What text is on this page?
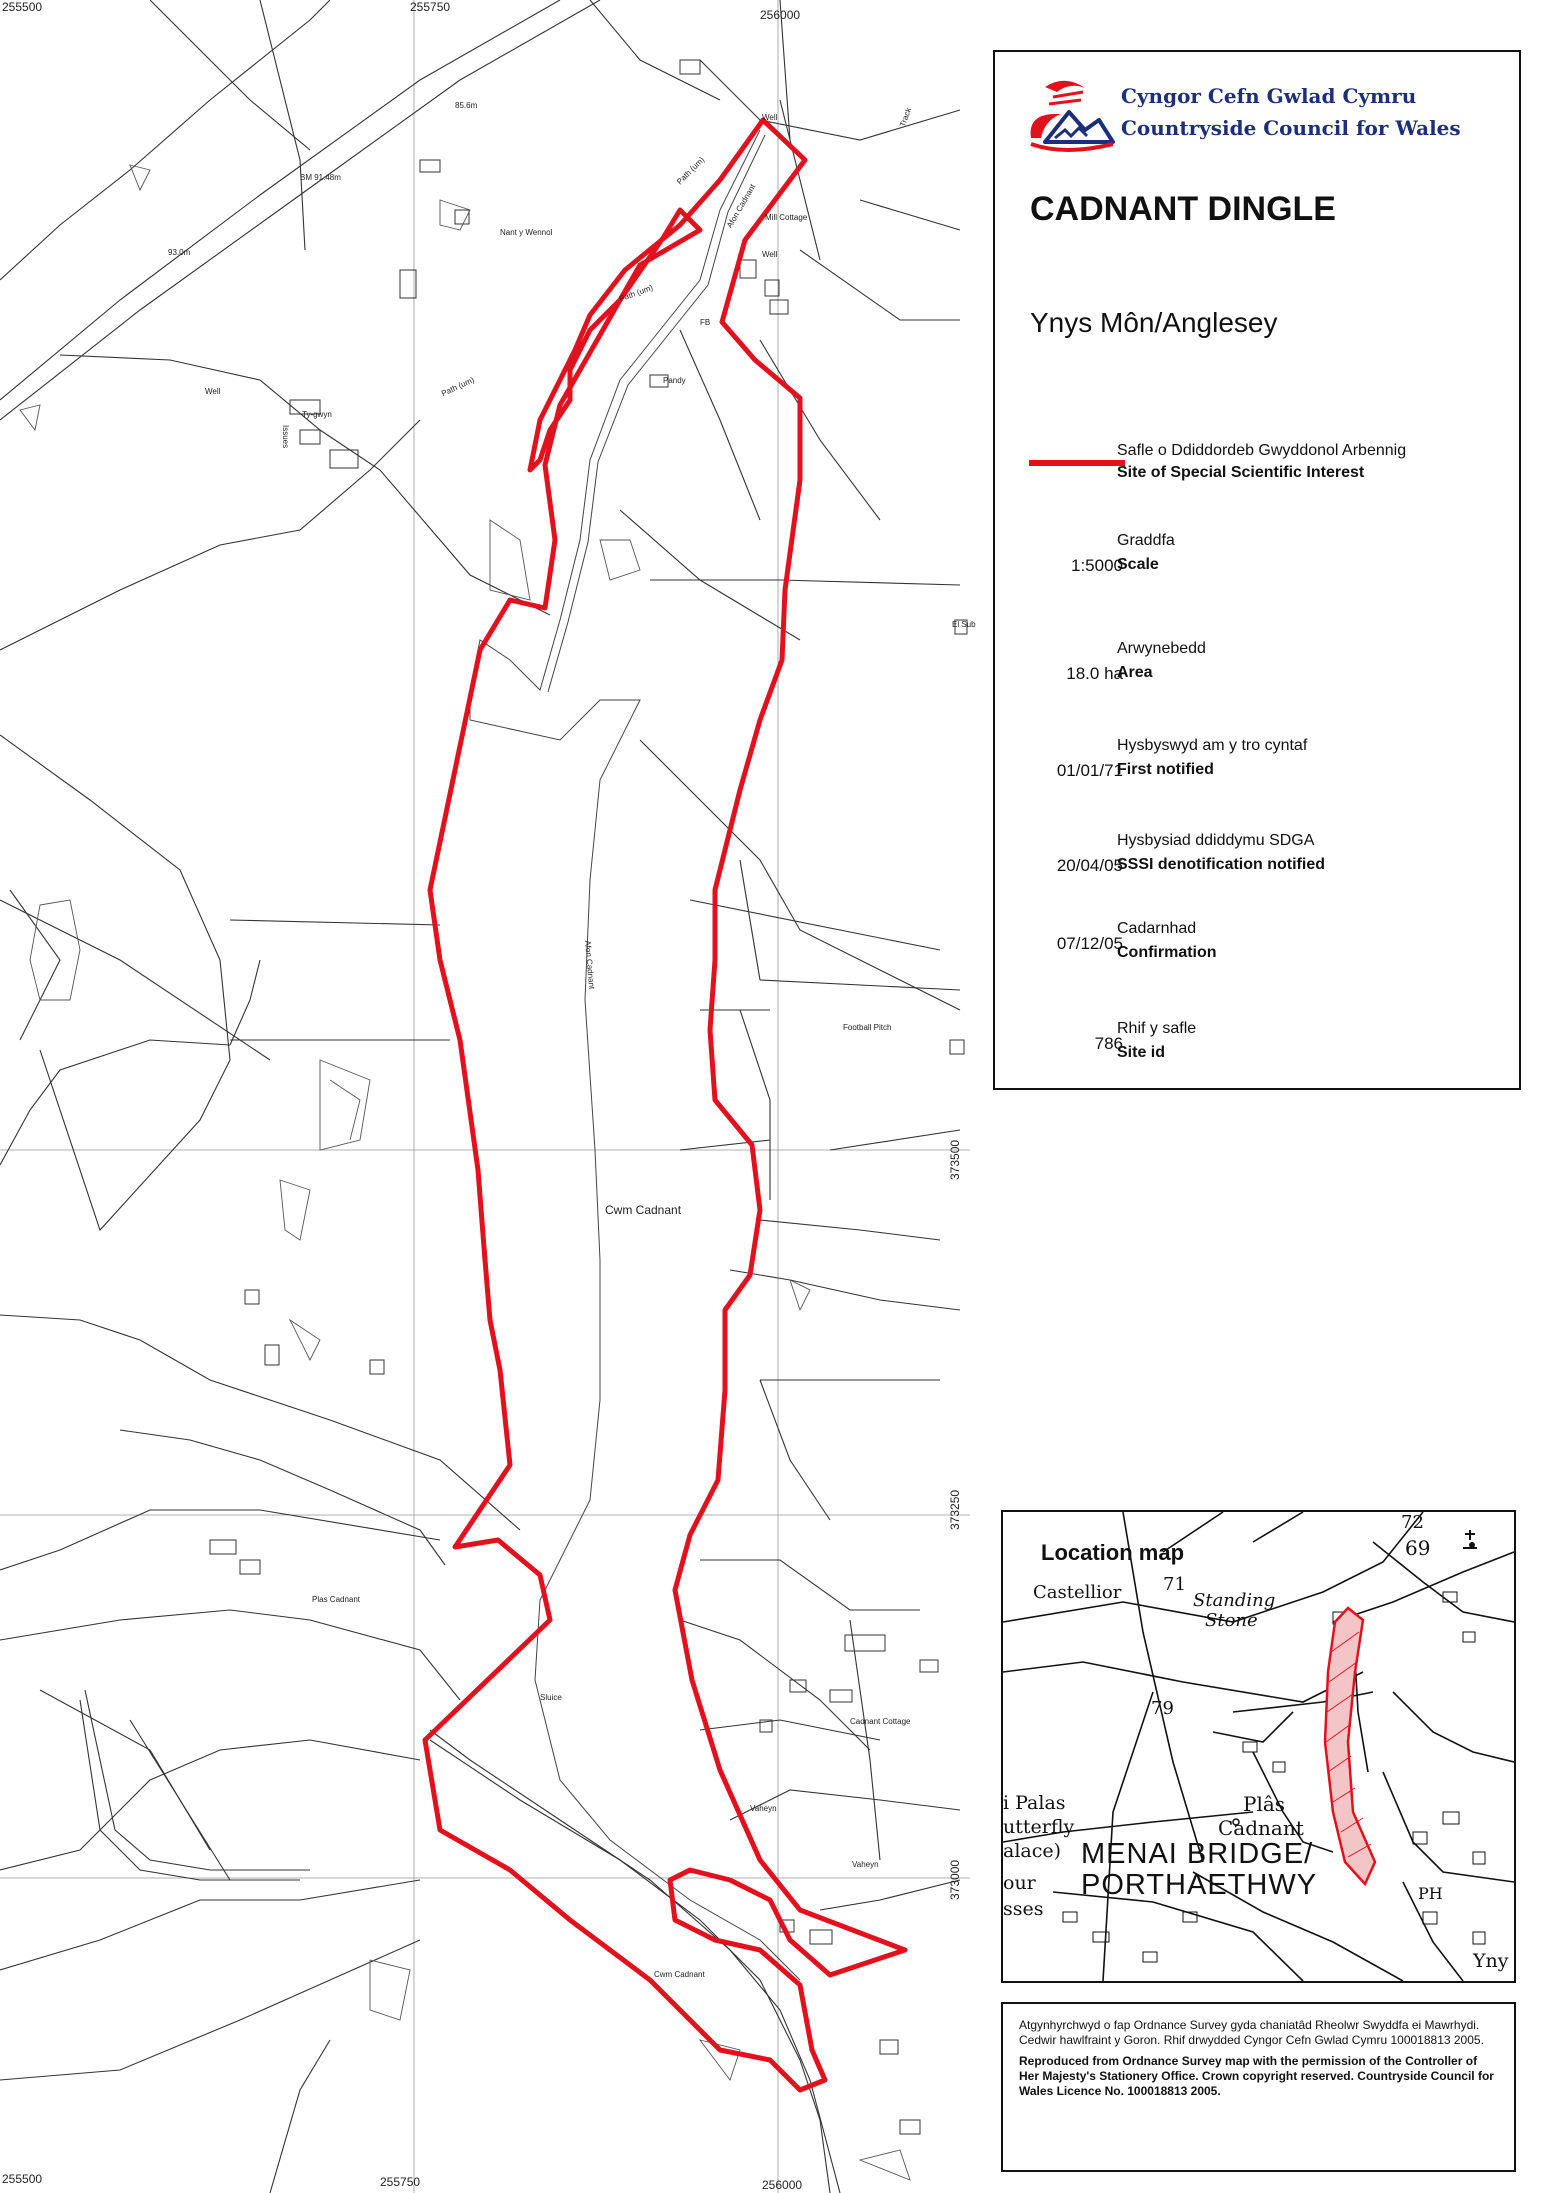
255500	255750
256000
255500	255750	256000
373500
373250
373000
Cwm Cadnant
Afon Cadnant
Afon Cadnant
Football Pitch
Plas Cadnant
Sluice
Ty-gwyn
Well
Well
Well
Path (um)
Path (um)
Path (um)
Track
BM 91.48m
93.0m
85.6m
FB
Mill Cottage
El Sub
Vaheyn
Vaheyn
Cwm Cadnant
Issues
Nant y Wennol
Pandy
Cadnant Cottage
Cyngor Cefn Gwlad Cymru
Countryside Council for Wales
CADNANT DINGLE
Ynys Môn/Anglesey
Safle o Ddiddordeb Gwyddonol Arbennig
Site of Special Scientific Interest
1:5000
Graddfa
Scale
18.0 ha
Arwynebedd
Area
01/01/71
Hysbyswyd am y tro cyntaf
First notified
20/04/05
Hysbysiad ddiddymu SDGA
SSSI denotification notified
07/12/05
Cadarnhad
Confirmation
786
Rhif y safle
Site id
Location map
Castellior	Standing
Stone
72
69
71
79
i Palas
utterfly
alace)
Plâs
Cadnant
MENAI BRIDGE/
PORTHAETHWY
our
sses
PH
Yny

Atgynhyrchwyd o fap Ordnance Survey gyda chaniatâd Rheolwr Swyddfa ei Mawrhydi. Cedwir hawlfraint y Goron. Rhif drwydded Cyngor Cefn Gwlad Cymru 100018813 2005.

Reproduced from Ordnance Survey map with the permission of the Controller of Her Majesty's Stationery Office. Crown copyright reserved. Countryside Council for Wales Licence No. 100018813 2005.
